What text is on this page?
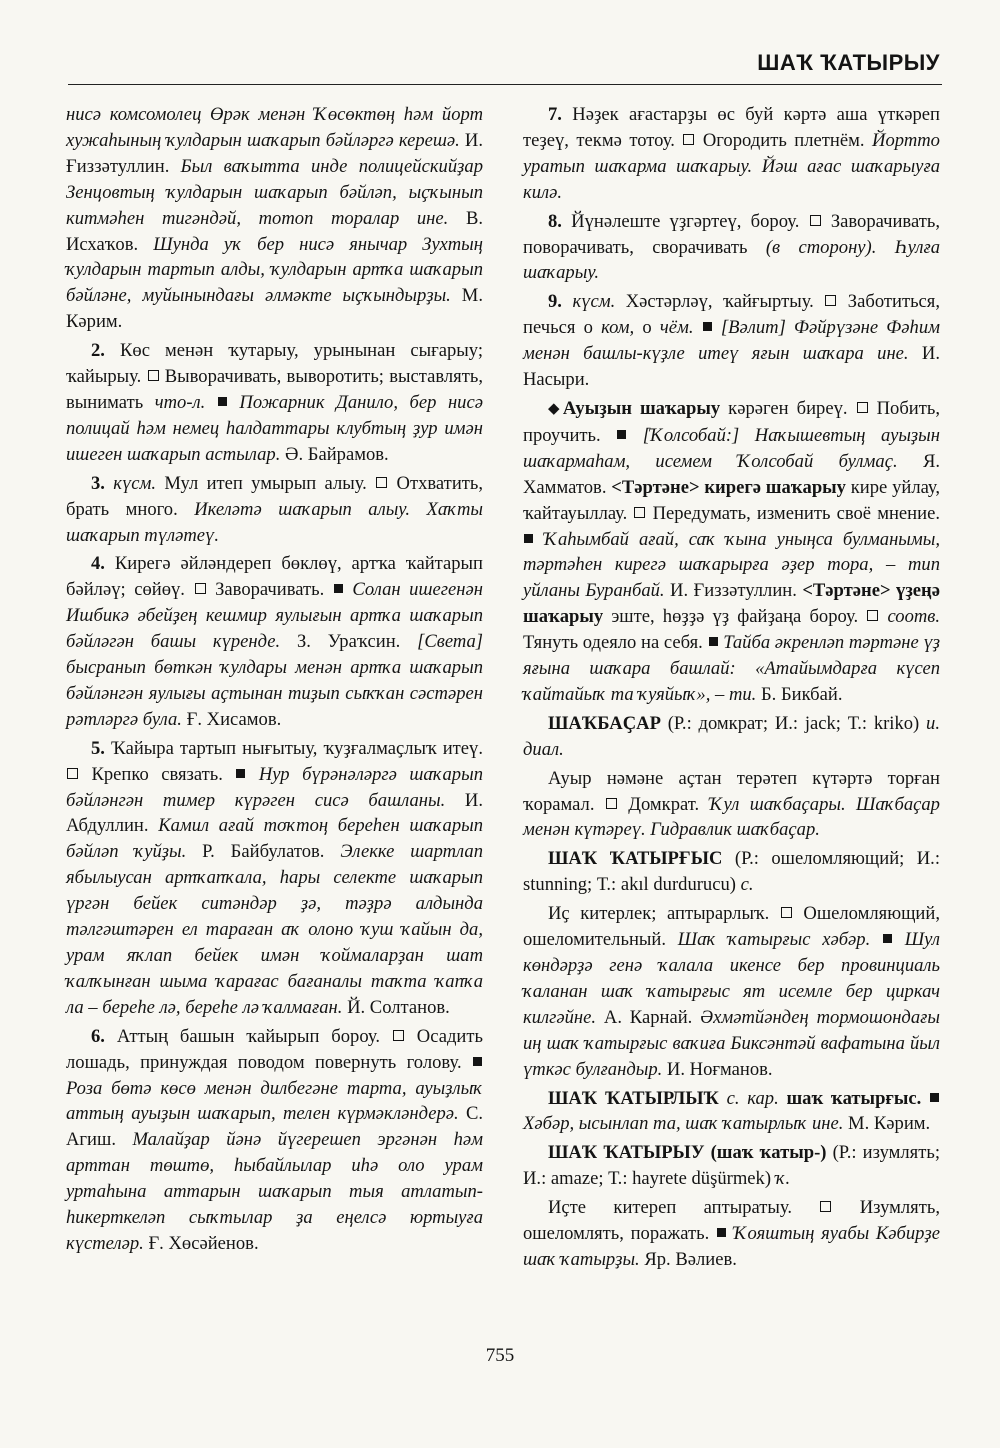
ШАҠ ҠАТЫРЫУ

нисә комсомолец Өрәк менән Ҡөсөктөң һәм йорт хужаһының ҡулдарын шаҡарып бәйләргә керешә. И. Ғиззәтуллин. Был ваҡытта инде полицейскийҙар Зенцовтың ҡулдарын шаҡарып бәйләп, ыҫҡынып китмәһен тигәндәй, тотоп торалар ине. В. Исхаҡов. Шунда уҡ бер нисә янычар Зухтың ҡулдарын тартып алды, ҡулдарын артҡа шаҡарып бәйләне, муйынындағы әлмәкте ыҫҡындырҙы. М. Кәрим.

2. Көс менән ҡутарыу, урынынан сығарыу; ҡайырыу. Выворачивать, выворотить; выставлять, вынимать что-л. Пожарник Данило, бер нисә полицай һәм немец һалдаттары клубтың ҙур имән ишеген шаҡарып астылар. Ә. Байрамов.

3. күсм. Мул итеп умырып алыу. Отхватить, брать много. Икеләтә шаҡарып алыу. Хаҡты шаҡарып түләтеү.

4. Кирегә әйләндереп бөклөү, артҡа ҡайтарып бәйләү; сөйөү. Заворачивать. Солан ишегенән Ишбикә әбейҙең кешмир яулығын артҡа шаҡарып бәйләгән башы күренде. З. Ураҡсин. [Света] бысранып бөткән ҡулдары менән артҡа шаҡарып бәйләнгән яулығы аҫтынан тиҙып сыҡҡан сәстәрен рәтләргә була. Ғ. Хисамов.

5. Ҡайыра тартып нығытыу, ҡуҙғалмаҫлыҡ итеү.  Крепко связать. Нур бүрәнәләргә шаҡарып бәйләнгән тимер күрәген сисә башланы. И. Абдуллин. Камил ағай тоҡтоң береһен шаҡарып бәйләп ҡуйҙы. Р. Байбулатов. Элекке шартлап ябылыусан артҡапҡала, һары селекте шаҡарып үргән бейек ситәндәр ҙә, тәҙрә алдында тәлгәштәрен ел тараған аҡ олоно ҡуш ҡайын да, урам яҡлап бейек имән ҡоймаларҙан шат ҡалҡынған шыма ҡарағас бағаналы таҡта ҡапҡа ла – береһе лә, береһе лә ҡалмаған. Й. Солтанов.

6. Аттың башын ҡайырып бороу. Осадить лошадь, принуждая поводом повернуть голову.  Роза бөтә көсө менән дилбегәне тарта, ауыҙлыҡ аттың ауыҙын шаҡарып, телен күрмәкләндерә. С. Агиш. Малайҙар йәнә йүгерешеп эргәнән һәм арттан төштө, һыбайлылар иһә оло урам уртаһына аттарын шаҡарып тыя атлатып-һикерткеләп сыҡтылар ҙа еңелсә юртыуға күстеләр. Ғ. Хөсәйенов.

7. Нәҙек ағастарҙы өс буй кәртә аша үткәреп теҙеү, текмә тотоу. Огородить плетнём. Йортто уратып шаҡарма шаҡарыу. Йәш ағас шаҡарыуға килә.

8. Йүнәлеште үҙгәртеү, бороу. Заворачивать, поворачивать, сворачивать (в сторону). Һулға шаҡарыу.

9. күсм. Хәстәрләү, ҡайғыртыу. Заботиться, печься о ком, о чём. [Вәлит] Фәйрүзәне Фәһим менән башлы-күҙле итеү яғын шаҡара ине. И. Насыри.

◆Ауыҙын шаҡарыу кәрәген биреү. Побить, проучить. [Ҡолсобай:] Наҡышевтың ауыҙын шаҡармаһам, исемем Ҡолсобай булмаҫ. Я. Хамматов. <Тәртәне> кирегә шаҡарыу кире уйлау, ҡайтауыллау. Передумать, изменить своё мнение.  Ҡаһымбай ағай, саҡ ҡына уныңса булманымы, тәртәһен кирегә шаҡарырға әҙер тора, – тип уйланы Буранбай. И. Ғиззәтуллин. <Тәртәне> үҙеңә шаҡарыу эште, һөҙҙә үҙ файҙаңа бороу. соотв. Тянуть одеяло на себя. Тайба әкренләп тәртәне үҙ яғына шаҡара башлай: «Атайымдарға күсеп ҡайтайыҡ та ҡуяйыҡ», – ти. Б. Бикбай.

ШАҠБАҪАР (Р.: домкрат; И.: jack; Т.: kriko) и. диал.

Ауыр нәмәне аҫтан терәтеп күтәртә торған ҡорамал. Домкрат. Ҡул шаҡбаҫары. Шаҡбаҫар менән күтәреү. Гидравлик шаҡбаҫар.

ШАҠ ҠАТЫРҒЫС (Р.: ошеломляющий; И.: stunning; Т.: akıl durdurucu) с.

Иҫ китерлек; аптырарлыҡ. Ошеломляющий, ошеломительный. Шаҡ ҡатырғыс хәбәр. Шул көндәрҙә генә ҡалала икенсе бер провинциаль ҡаланан шаҡ ҡатырғыс ят исемле бер циркач килгәйне. А. Карнай. Әхмәтйәндең тормошондағы иң шаҡ ҡатырғыс ваҡиға Биксәнтәй вафатына йыл үткәс булғандыр. И. Ноғманов.

ШАҠ ҠАТЫРЛЫҠ с. кар. шаҡ ҡатырғыс.  Хәбәр, ысынлап та, шаҡ ҡатырлыҡ ине. М. Кәрим.

ШАҠ ҠАТЫРЫУ (шаҡ ҡатыр-) (Р.: изумлять; И.: amaze; Т.: hayrete düşürmek) ҡ.

Иҫте китереп аптыратыу.	Изумлять, ошеломлять, поражать. Ҡояштың яуабы Кәбирҙе шаҡ ҡатырҙы. Яр. Вәлиев.

755
